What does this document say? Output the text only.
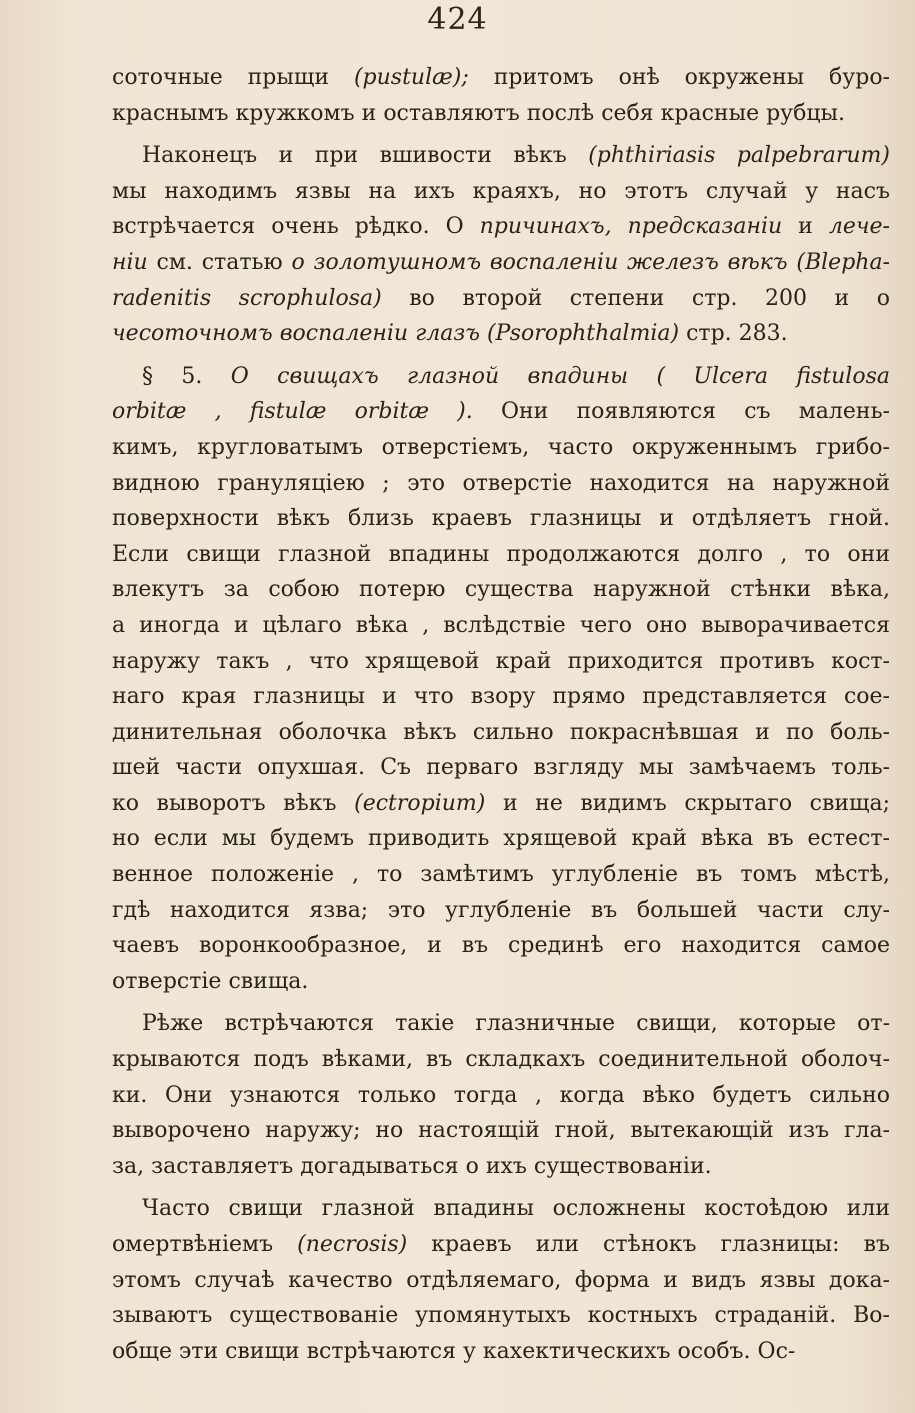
424
соточные прыщи (pustulæ); притомъ онѣ окружены буро-
краснымъ кружкомъ и оставляютъ послѣ себя красные рубцы.
Наконецъ и при вшивости вѣкъ (phthiriasis palpebrarum)
мы находимъ язвы на ихъ краяхъ, но этотъ случай у насъ
встрѣчается очень рѣдко. О причинахъ, предсказаніи и лече-
ніи см. статью о золотушномъ воспаленіи железъ вѣкъ (Blepha-
radenitis scrophulosa) во второй степени стр. 200 и о
чесоточномъ воспаленіи глазъ (Psorophthalmia) стр. 283.
§ 5. О свищахъ глазной впадины ( Ulcera fistulosa
orbitæ , fistulæ orbitæ ). Они появляются съ малень-
кимъ, кругловатымъ отверстіемъ, часто окруженнымъ грибо-
видною грануляціею ; это отверстіе находится на наружной
поверхности вѣкъ близь краевъ глазницы и отдѣляетъ гной.
Если свищи глазной впадины продолжаются долго , то они
влекутъ за собою потерю существа наружной стѣнки вѣка,
а иногда и цѣлаго вѣка , вслѣдствіе чего оно выворачивается
наружу такъ , что хрящевой край приходится противъ кост-
наго края глазницы и что взору прямо представляется сое-
динительная оболочка вѣкъ сильно покраснѣвшая и по боль-
шей части опухшая. Съ перваго взгляду мы замѣчаемъ толь-
ко выворотъ вѣкъ (ectropium) и не видимъ скрытаго свища;
но если мы будемъ приводить хрящевой край вѣка въ естест-
венное положеніе , то замѣтимъ углубленіе въ томъ мѣстѣ,
гдѣ находится язва; это углубленіе въ большей части слу-
чаевъ воронкообразное, и въ срединѣ его находится самое
отверстіе свища.
Рѣже встрѣчаются такіе глазничные свищи, которые от-
крываются подъ вѣками, въ складкахъ соединительной оболоч-
ки. Они узнаются только тогда , когда вѣко будетъ сильно
выворочено наружу; но настоящій гной, вытекающій изъ гла-
за, заставляетъ догадываться о ихъ существованіи.
Часто свищи глазной впадины осложнены костоѣдою или
омертвѣніемъ (necrosis) краевъ или стѣнокъ глазницы: въ
этомъ случаѣ качество отдѣляемаго, форма и видъ язвы дока-
зываютъ существованіе упомянутыхъ костныхъ страданій. Во-
обще эти свищи встрѣчаются у кахектическихъ особъ. Ос-
